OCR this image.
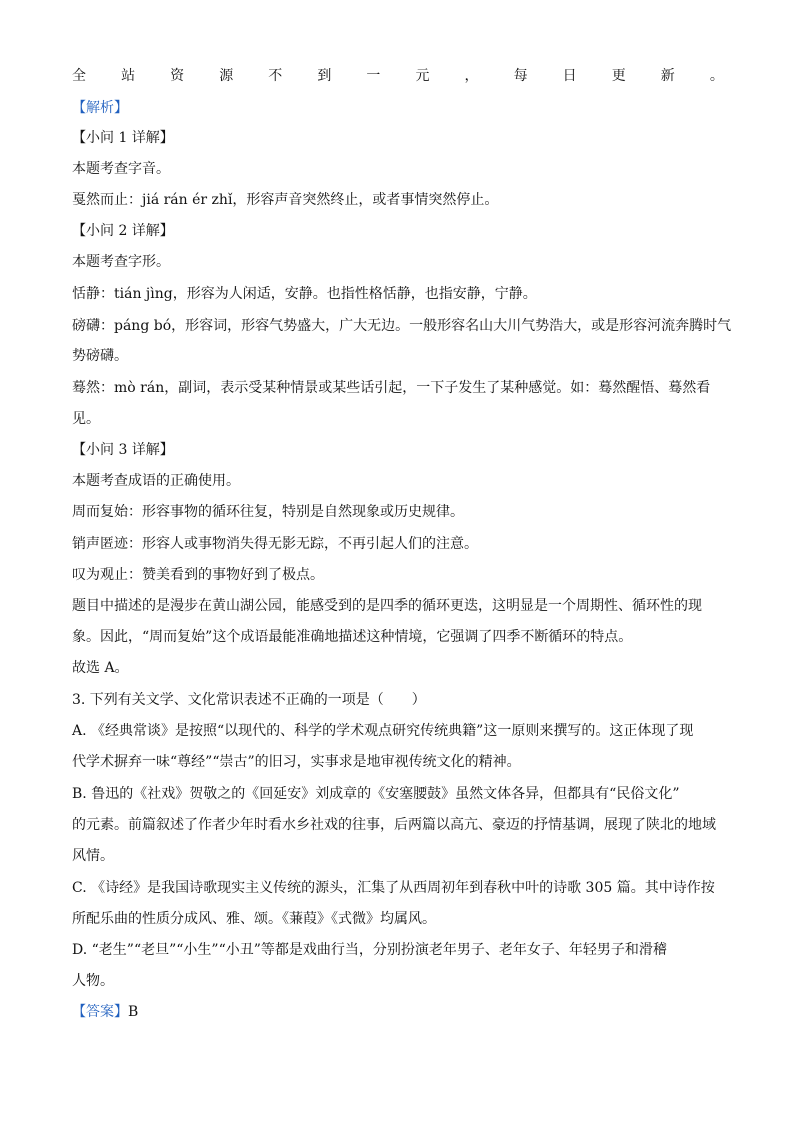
全	站	资	源	不	到	一	元	，	每	日	更	新	。
【解析】
【小问 1 详解】
本题考查字音。
戛然而止：jiá rán ér zhǐ，形容声音突然终止，或者事情突然停止。
【小问 2 详解】
本题考查字形。
恬静：tián jìng，形容为人闲适，安静。也指性格恬静，也指安静，宁静。
磅礴：páng bó，形容词，形容气势盛大，广大无边。一般形容名山大川气势浩大，或是形容河流奔腾时气
势磅礴。
蓦然：mò rán，副词，表示受某种情景或某些话引起，一下子发生了某种感觉。如：蓦然醒悟、蓦然看
见。
【小问 3 详解】
本题考查成语的正确使用。
周而复始：形容事物的循环往复，特别是自然现象或历史规律。
销声匿迹：形容人或事物消失得无影无踪，不再引起人们的注意。
叹为观止：赞美看到的事物好到了极点。
题目中描述的是漫步在黄山湖公园，能感受到的是四季的循环更迭，这明显是一个周期性、循环性的现
象。因此，“周而复始”这个成语最能准确地描述这种情境，它强调了四季不断循环的特点。
故选 A。
3. 下列有关文学、文化常识表述不正确的一项是（　　）
A. 《经典常谈》是按照“以现代的、科学的学术观点研究传统典籍”这一原则来撰写的。这正体现了现
代学术摒弃一味“尊经”“崇古”的旧习，实事求是地审视传统文化的精神。
B. 鲁迅的《社戏》贺敬之的《回延安》刘成章的《安塞腰鼓》虽然文体各异，但都具有“民俗文化”
的元素。前篇叙述了作者少年时看水乡社戏的往事，后两篇以高亢、豪迈的抒情基调，展现了陕北的地域
风情。
C. 《诗经》是我国诗歌现实主义传统的源头，汇集了从西周初年到春秋中叶的诗歌 305 篇。其中诗作按
所配乐曲的性质分成风、雅、颂。《蒹葭》《式微》均属风。
D. “老生”“老旦”“小生”“小丑”等都是戏曲行当，分别扮演老年男子、老年女子、年轻男子和滑稽
人物。
【答案】B
